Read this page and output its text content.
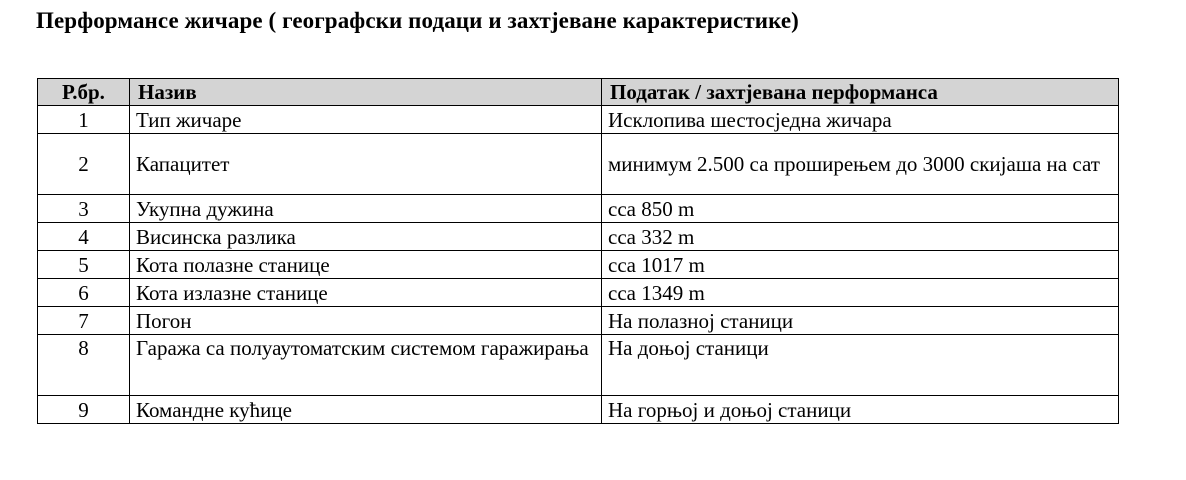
Перформансе жичаре ( географски подаци и захтјеване карактеристике)
Р.бр.	Назив	Податак / захтјевана перформанса
1	Тип жичаре	Исклопива шестосједна жичара
2	Капацитет	минимум 2.500 са проширењем до 3000 скијаша на сат
3	Укупна дужина	cca 850 m
4	Висинска разлика	cca 332 m
5	Кота полазне станице	cca 1017 m
6	Кота излазне станице	cca 1349 m
7	Погон	На полазној станици
8	Гаража са полуаутоматским системом гаражирања	На доњој станици
9	Командне кућице	На горњој и доњој станици
